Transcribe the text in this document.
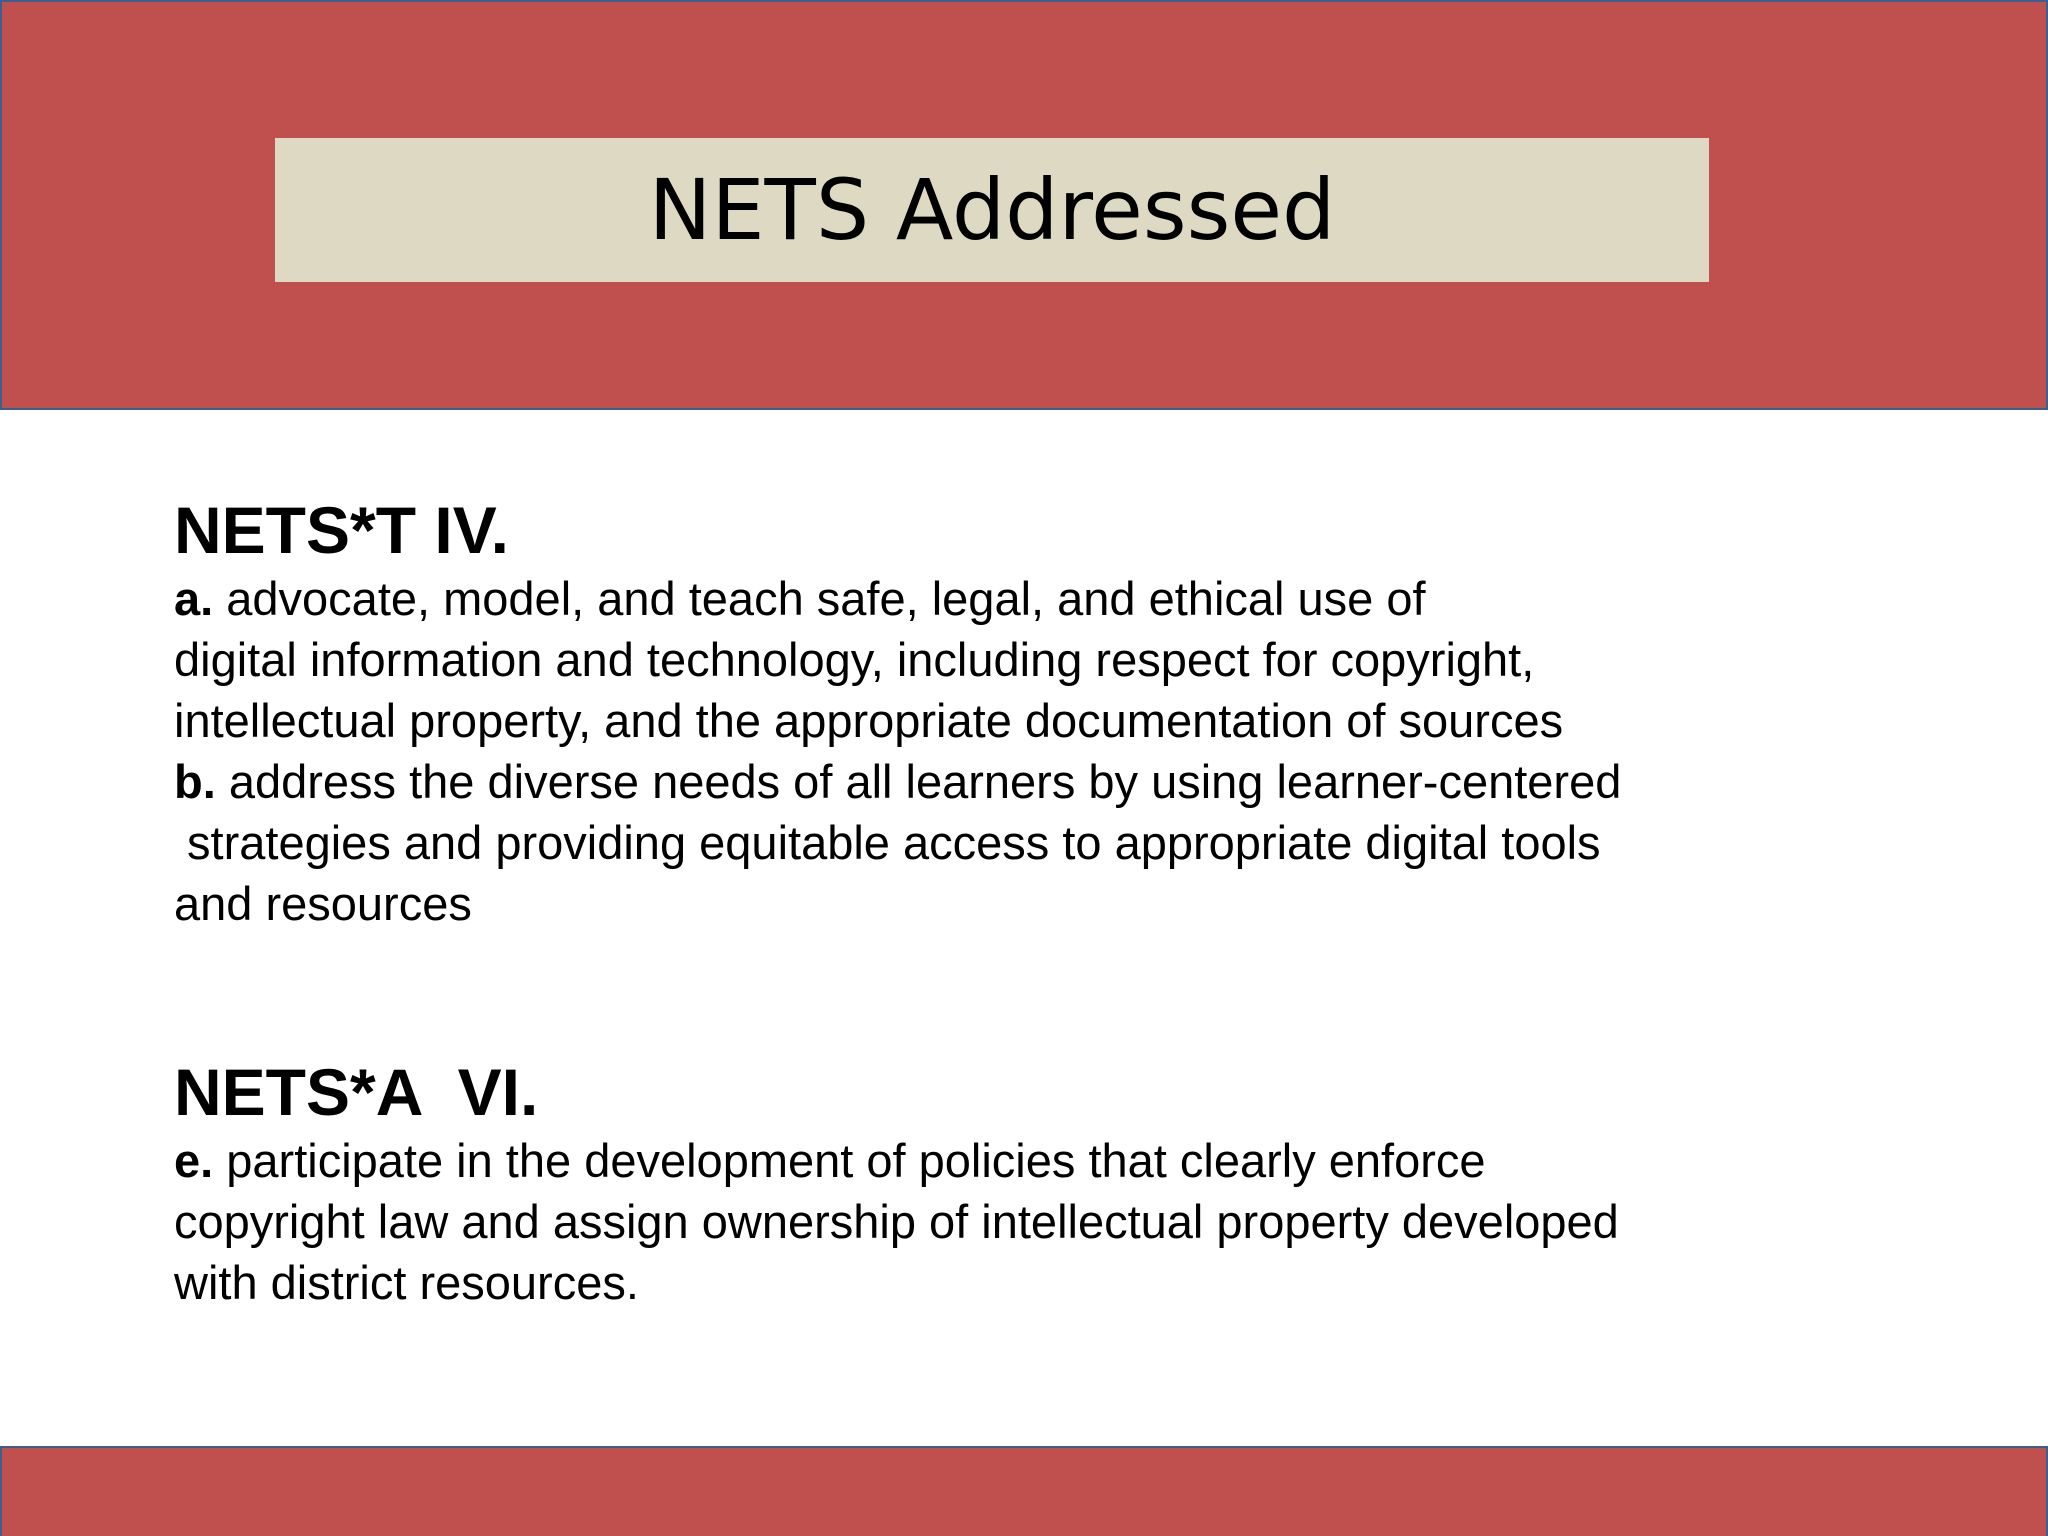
NETS Addressed
NETS*T IV.
a. advocate, model, and teach safe, legal, and ethical use of
digital information and technology, including respect for copyright,
intellectual property, and the appropriate documentation of sources
b. address the diverse needs of all learners by using learner-centered
strategies and providing equitable access to appropriate digital tools
and resources
NETS*A  VI.
e. participate in the development of policies that clearly enforce
copyright law and assign ownership of intellectual property developed
with district resources.
